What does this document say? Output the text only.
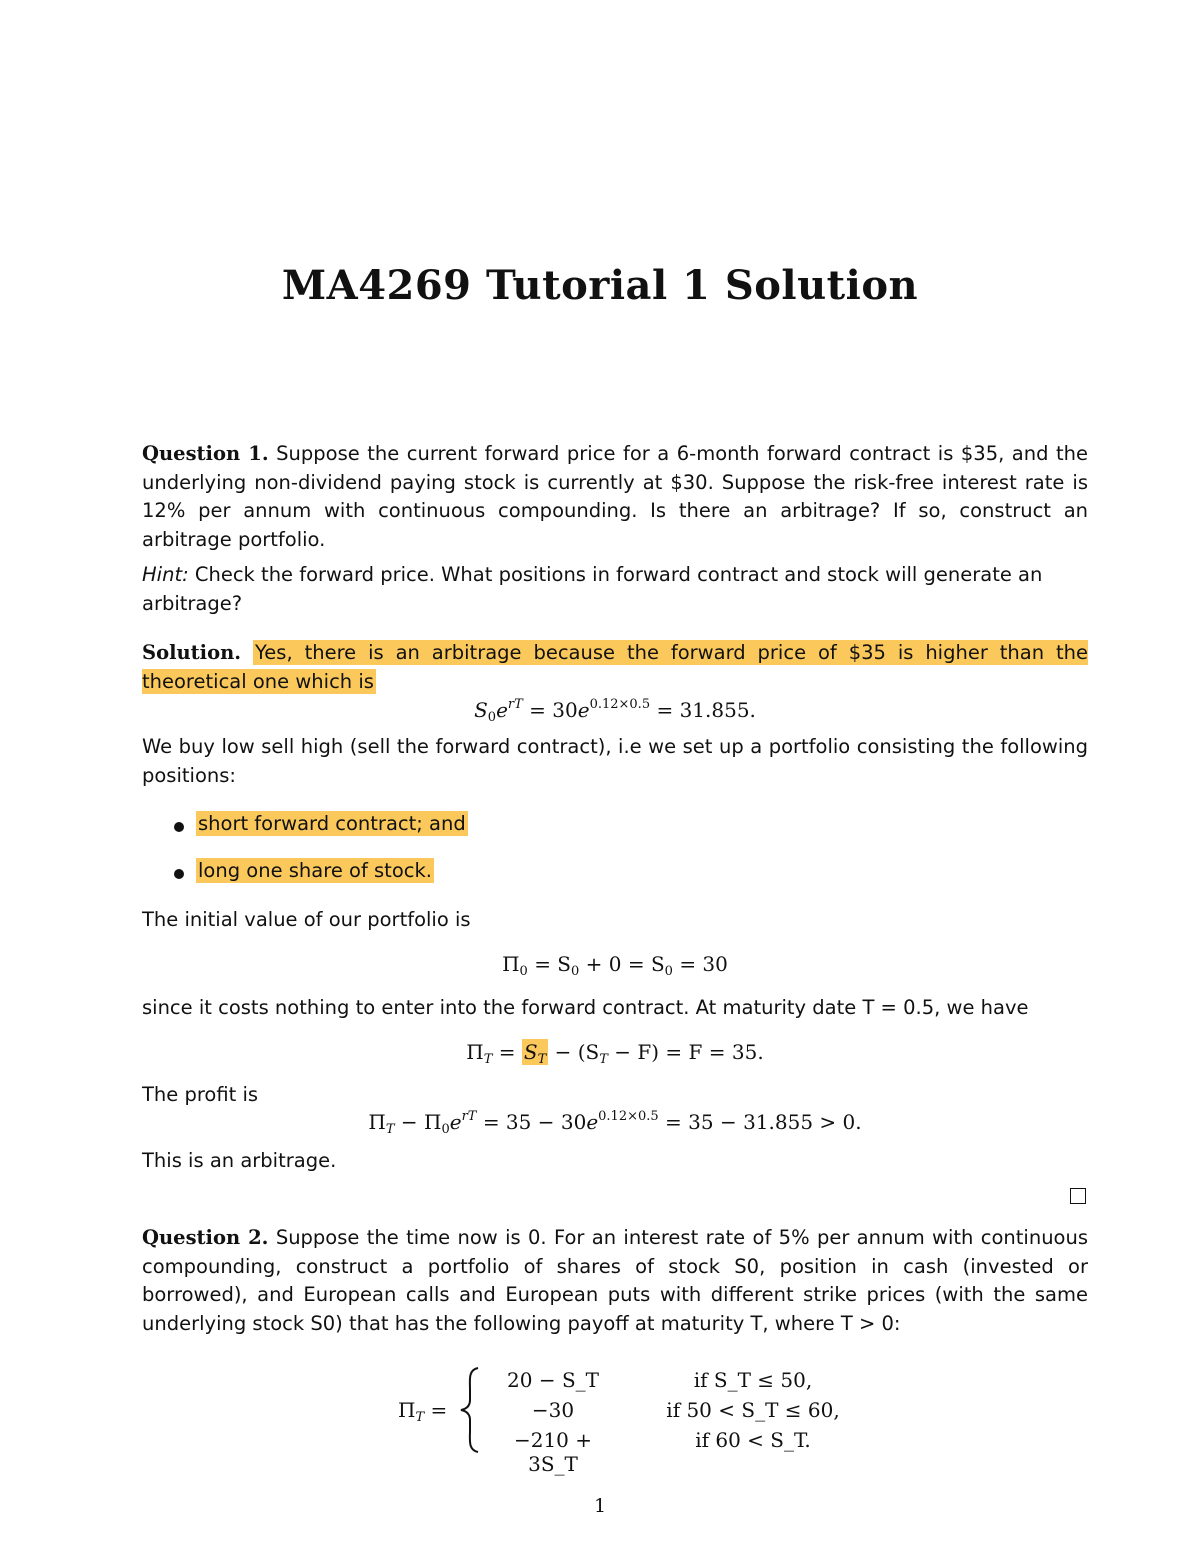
MA4269 Tutorial 1 Solution
Question 1. Suppose the current forward price for a 6-month forward contract is $35, and the underlying non-dividend paying stock is currently at $30. Suppose the risk-free interest rate is 12% per annum with continuous compounding. Is there an arbitrage? If so, construct an arbitrage portfolio.
Hint: Check the forward price. What positions in forward contract and stock will generate an arbitrage?
Solution. Yes, there is an arbitrage because the forward price of $35 is higher than the theoretical one which is
$S_0e^{rT} = 30e^{0.12\times 0.5} = 31.855$.
We buy low sell high (sell the forward contract), i.e we set up a portfolio consisting the following positions:
short forward contract; and
long one share of stock.
The initial value of our portfolio is
$\Pi_0 = S_0 + 0 = S_0 = 30$
since it costs nothing to enter into the forward contract. At maturity date T = 0.5, we have
$\Pi_T = S_T - (S_T - F) = F = 35$.
The profit is
$\Pi_T - \Pi_0e^{rT} = 35 - 30e^{0.12\times 0.5} = 35 - 31.855 > 0$.
This is an arbitrage.
Question 2. Suppose the time now is 0. For an interest rate of 5% per annum with continuous compounding, construct a portfolio of shares of stock S0, position in cash (invested or borrowed), and European calls and European puts with different strike prices (with the same underlying stock S0) that has the following payoff at maturity T, where T > 0:
$\Pi_T$ =
20 − S_T	if S_T ≤ 50,
−30	if 50 < S_T ≤ 60,
−210 + 3S_T
if 60 < S_T.
1
